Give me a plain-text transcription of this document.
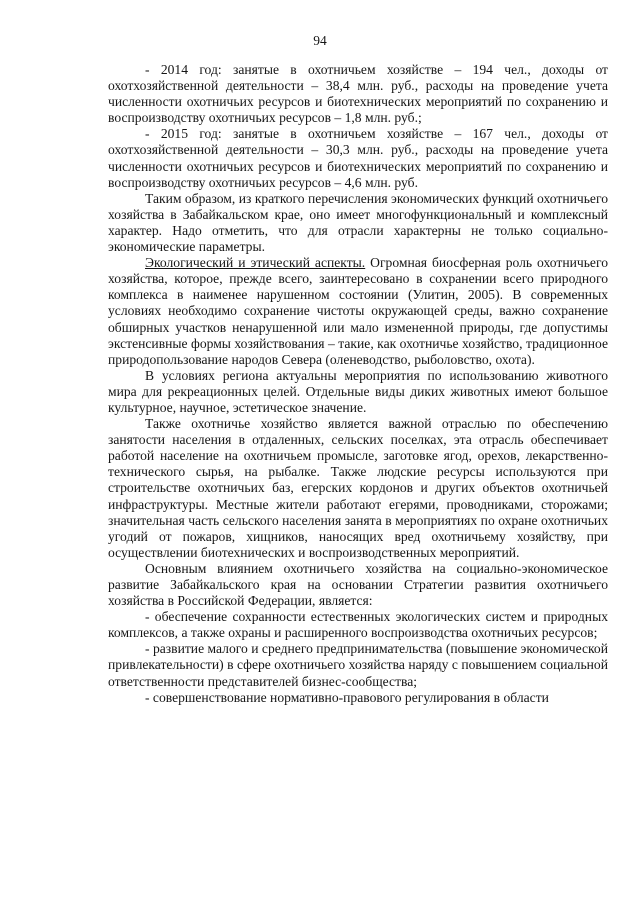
94

- 2014 год: занятые в охотничьем хозяйстве – 194 чел., доходы от охотхозяйственной деятельности – 38,4 млн. руб., расходы на проведение учета численности охотничьих ресурсов и биотехнических мероприятий по сохранению и воспроизводству охотничьих ресурсов – 1,8 млн. руб.;

- 2015 год: занятые в охотничьем хозяйстве – 167 чел., доходы от охотхозяйственной деятельности – 30,3 млн. руб., расходы на проведение учета численности охотничьих ресурсов и биотехнических мероприятий по сохранению и воспроизводству охотничьих ресурсов – 4,6 млн. руб.

Таким образом, из краткого перечисления экономических функций охотничьего хозяйства в Забайкальском крае, оно имеет многофункциональный и комплексный характер. Надо отметить, что для отрасли характерны не только социально-экономические параметры.

Экологический и этический аспекты. Огромная биосферная роль охотничьего хозяйства, которое, прежде всего, заинтересовано в сохранении всего природного комплекса в наименее нарушенном состоянии (Улитин, 2005). В современных условиях необходимо сохранение чистоты окружающей среды, важно сохранение обширных участков ненарушенной или мало измененной природы, где допустимы экстенсивные формы хозяйствования – такие, как охотничье хозяйство, традиционное природопользование народов Севера (оленеводство, рыболовство, охота).

В условиях региона актуальны мероприятия по использованию животного мира для рекреационных целей. Отдельные виды диких животных имеют большое культурное, научное, эстетическое значение.

Также охотничье хозяйство является важной отраслью по обеспечению занятости населения в отдаленных, сельских поселках, эта отрасль обеспечивает работой население на охотничьем промысле, заготовке ягод, орехов, лекарственно-технического сырья, на рыбалке. Также людские ресурсы используются при строительстве охотничьих баз, егерских кордонов и других объектов охотничьей инфраструктуры. Местные жители работают егерями, проводниками, сторожами; значительная часть сельского населения занята в мероприятиях по охране охотничьих угодий от пожаров, хищников, наносящих вред охотничьему хозяйству, при осуществлении биотехнических и воспроизводственных мероприятий.

Основным влиянием охотничьего хозяйства на социально-экономическое развитие Забайкальского края на основании Стратегии развития охотничьего хозяйства в Российской Федерации, является:

- обеспечение сохранности естественных экологических систем и природных комплексов, а также охраны и расширенного воспроизводства охотничьих ресурсов;

- развитие малого и среднего предпринимательства (повышение экономической привлекательности) в сфере охотничьего хозяйства наряду с повышением социальной ответственности представителей бизнес-сообщества;

- совершенствование нормативно-правового регулирования в области
